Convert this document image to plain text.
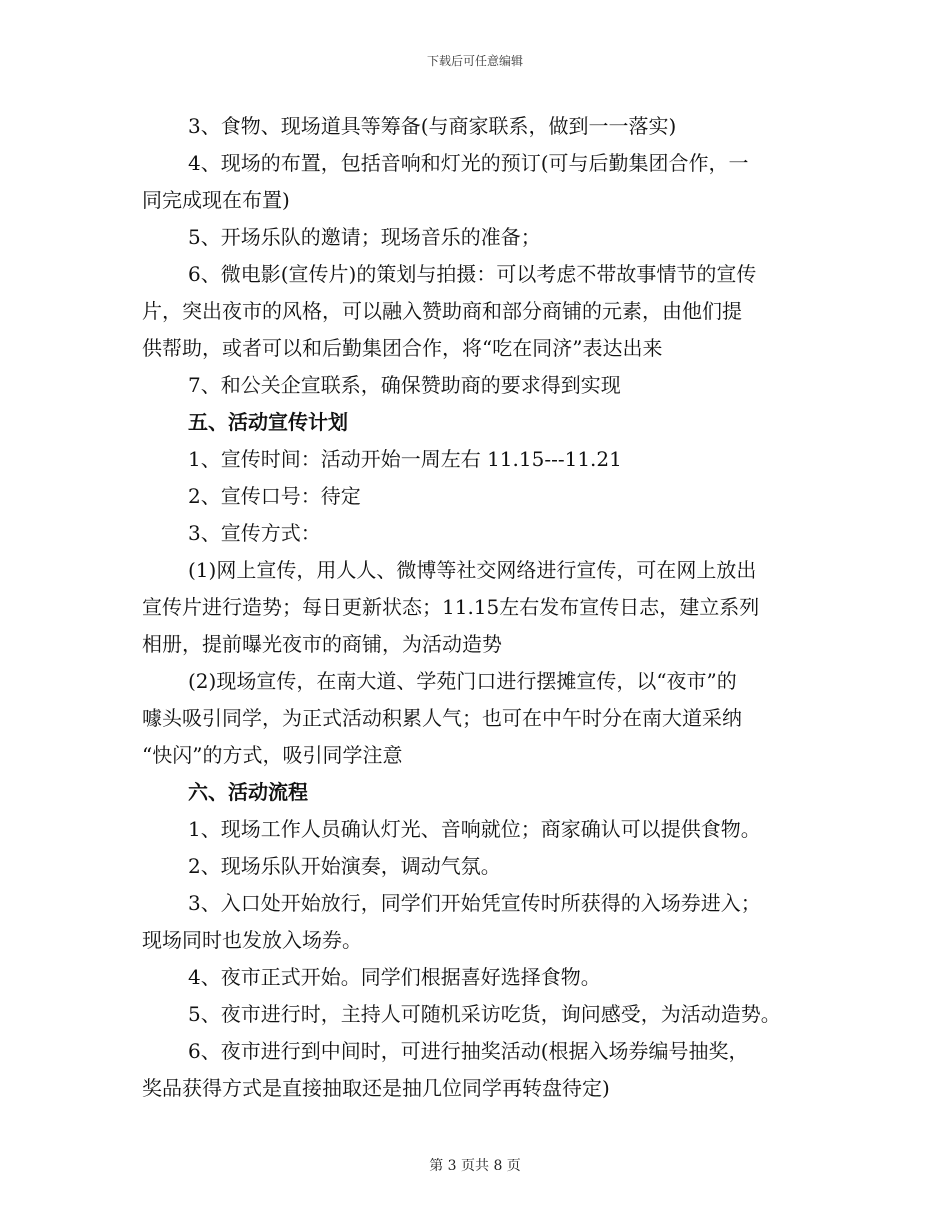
下载后可任意编辑
3、食物、现场道具等筹备(与商家联系，做到一一落实)
4、现场的布置，包括音响和灯光的预订(可与后勤集团合作，一
同完成现在布置)
5、开场乐队的邀请；现场音乐的准备；
6、微电影(宣传片)的策划与拍摄：可以考虑不带故事情节的宣传
片，突出夜市的风格，可以融入赞助商和部分商铺的元素，由他们提
供帮助，或者可以和后勤集团合作，将“吃在同济”表达出来
7、和公关企宣联系，确保赞助商的要求得到实现
五、活动宣传计划
1、宣传时间：活动开始一周左右 11.15---11.21
2、宣传口号：待定
3、宣传方式：
(1)网上宣传，用人人、微博等社交网络进行宣传，可在网上放出
宣传片进行造势；每日更新状态；11.15左右发布宣传日志，建立系列
相册，提前曝光夜市的商铺，为活动造势
(2)现场宣传，在南大道、学苑门口进行摆摊宣传，以“夜市”的
噱头吸引同学，为正式活动积累人气；也可在中午时分在南大道采纳
“快闪”的方式，吸引同学注意
六、活动流程
1、现场工作人员确认灯光、音响就位；商家确认可以提供食物。
2、现场乐队开始演奏，调动气氛。
3、入口处开始放行，同学们开始凭宣传时所获得的入场券进入；
现场同时也发放入场券。
4、夜市正式开始。同学们根据喜好选择食物。
5、夜市进行时，主持人可随机采访吃货，询问感受，为活动造势。
6、夜市进行到中间时，可进行抽奖活动(根据入场券编号抽奖，
奖品获得方式是直接抽取还是抽几位同学再转盘待定)
第 3 页共 8 页
